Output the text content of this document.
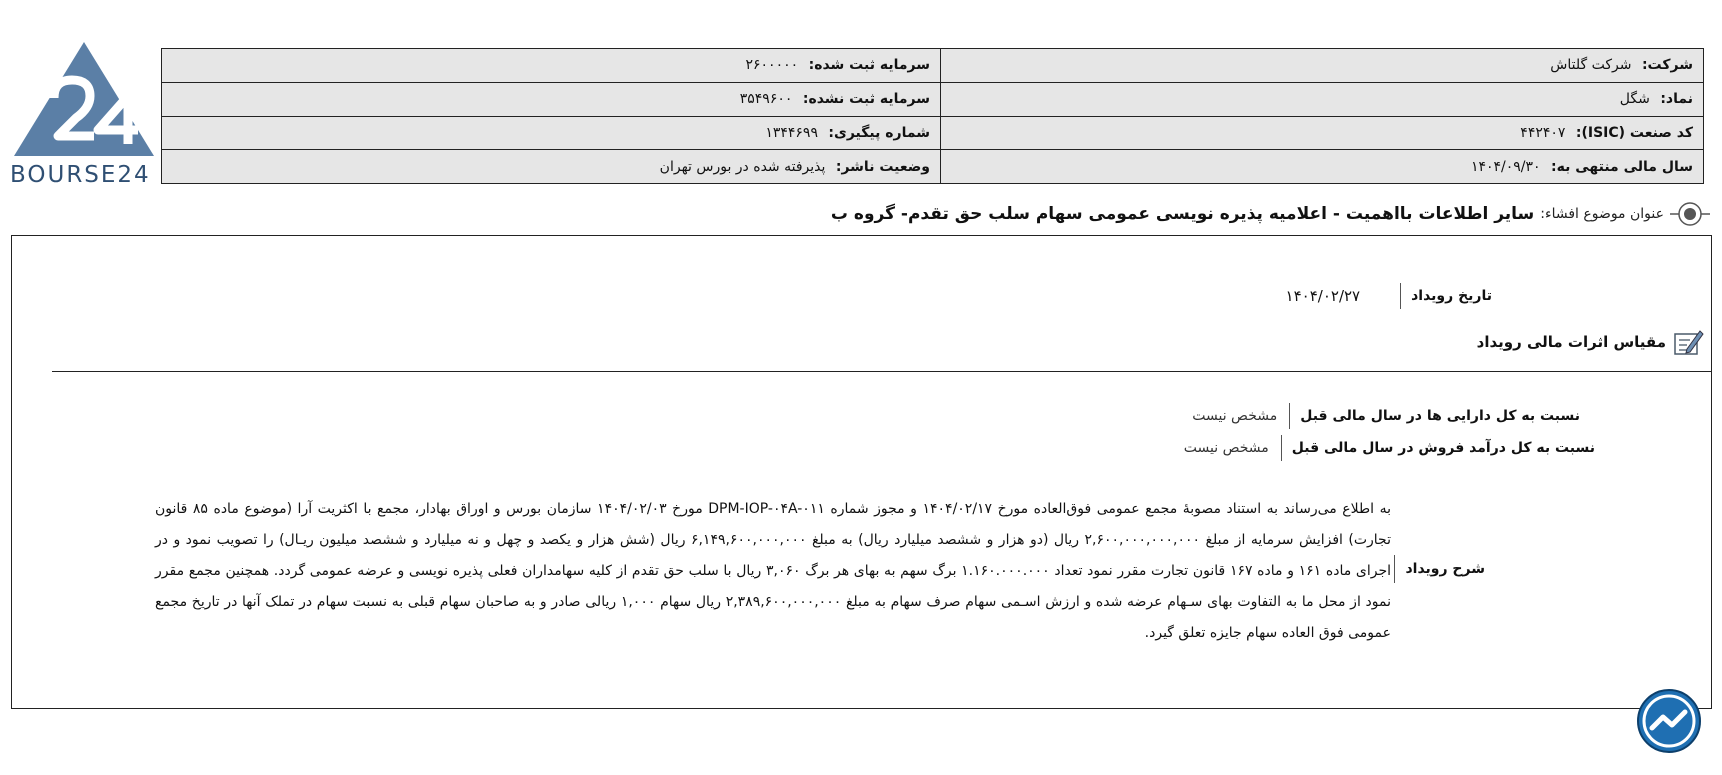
BOURSE24
شرکت: شرکت گلتاش	سرمایه ثبت شده: ۲۶۰۰۰۰۰
نماد: شگل	سرمایه ثبت نشده: ۳۵۴۹۶۰۰
کد صنعت (ISIC): ۴۴۲۴۰۷	شماره پیگیری: ۱۳۴۴۶۹۹
سال مالی منتهی به: ۱۴۰۴/۰۹/۳۰	وضعیت ناشر: پذیرفته شده در بورس تهران
عنوان موضوع افشاء:
سایر اطلاعات بااهمیت - اعلامیه پذیره نویسی عمومی سهام سلب حق تقدم- گروه ب
تاریخ رویداد
۱۴۰۴/۰۲/۲۷
مقیاس اثرات مالی رویداد
نسبت به کل دارایی ها در سال مالی قبل
مشخص نیست
نسبت به کل درآمد فروش در سال مالی قبل
مشخص نیست
شرح رویداد
به اطلاع می‌رساند به استناد مصوبهٔ مجمع عمومی فوق‌العاده مورخ ۱۴۰۴/۰۲/۱۷ و مجوز شماره DPM-IOP-۰۴A-۰۱۱ مورخ ۱۴۰۴/۰۲/۰۳ سازمان بورس و اوراق بهادار، مجمع با اکثریت آرا (موضوع ماده ۸۵ قانون تجارت) افزایش سرمایه از مبلغ ۲,۶۰۰,۰۰۰,۰۰۰,۰۰۰ ریال (دو هزار و ششصد میلیارد ریال) به مبلغ ۶,۱۴۹,۶۰۰,۰۰۰,۰۰۰ ریال (شش هزار و یکصد و چهل و نه میلیارد و ششصد میلیون ریـال) را تصویب نمود و در اجرای ماده ۱۶۱ و ماده ۱۶۷ قانون تجارت مقرر نمود تعداد ۱.۱۶۰.۰۰۰.۰۰۰ برگ سهم به بهای هر برگ ۳,۰۶۰ ریال با سلب حق تقدم از کلیه سهامداران فعلی پذیره نویسی و عرضه عمومی گردد. همچنین مجمع مقرر نمود از محل ما به التفاوت بهای سـهام عرضه شده و ارزش اسـمی سهام صرف سهام به مبلغ ۲,۳۸۹,۶۰۰,۰۰۰,۰۰۰ ریال سهام ۱,۰۰۰ ریالی صادر و به صاحبان سهام قبلی به نسبت سهام در تملک آنها در تاریخ مجمع عمومی فوق العاده سهام جایزه تعلق گیرد.
